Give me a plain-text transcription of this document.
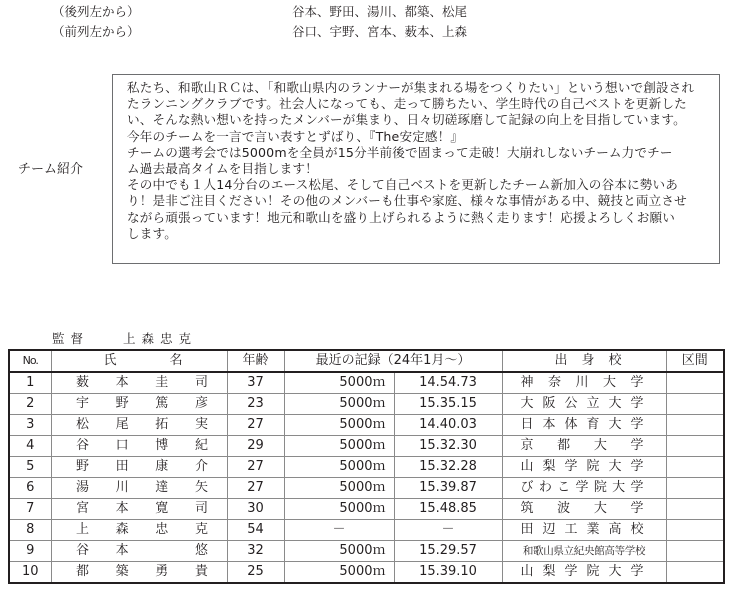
（後列左から）	谷本、野田、湯川、都築、松尾
（前列左から）	谷口、宇野、宮本、薮本、上森
チーム紹介

私たち、和歌山ＲＣは、「和歌山県内のランナーが集まれる場をつくりたい」という想いで創設され

たランニングクラブです。社会人になっても、走って勝ちたい、学生時代の自己ベストを更新した

い、そんな熱い想いを持ったメンバーが集まり、日々切磋琢磨して記録の向上を目指しています。

今年のチームを一言で言い表すとずばり、『The安定感！』

チームの選考会では5000mを全員が15分半前後で固まって走破！大崩れしないチーム力でチー

ム過去最高タイムを目指します！

その中でも１人14分台のエース松尾、そして自己ベストを更新したチーム新加入の谷本に勢いあ

り！是非ご注目ください！その他のメンバーも仕事や家庭、様々な事情がある中、競技と両立させ

ながら頑張っています！地元和歌山を盛り上げられるように熱く走ります！応援よろしくお願い

します。

監督	上森忠克
No.	氏 名	年齢	最近の記録（24年1月～）		出 身 校	区間
1	薮 本 圭 司	37	5000ｍ	14.54.73	神 奈 川 大 学	

2	宇 野 篤 彦	23	5000ｍ	15.35.15	大 阪 公 立 大 学

3	松 尾 拓 実	27	5000ｍ	14.40.03	日 本 体 育 大 学

4	谷 口 博 紀	29	5000ｍ	15.32.30	京 都 大 学	

5	野 田 康 介	27	5000ｍ	15.32.28	山 梨 学 院 大 学

6	湯 川 達 矢	27	5000ｍ	15.39.87	び わ こ 学 院 大 学

7	宮 本 寛 司	30	5000ｍ	15.48.85	筑 波 大 学	

8	上 森 忠 克	54	－	－	田 辺 工 業 高 校

9	谷 本 悠	32	5000ｍ	15.29.57	和歌山県立紀央館高等学校	

10	都 築 勇 貴	25	5000ｍ	15.39.10	山 梨 学 院 大 学
